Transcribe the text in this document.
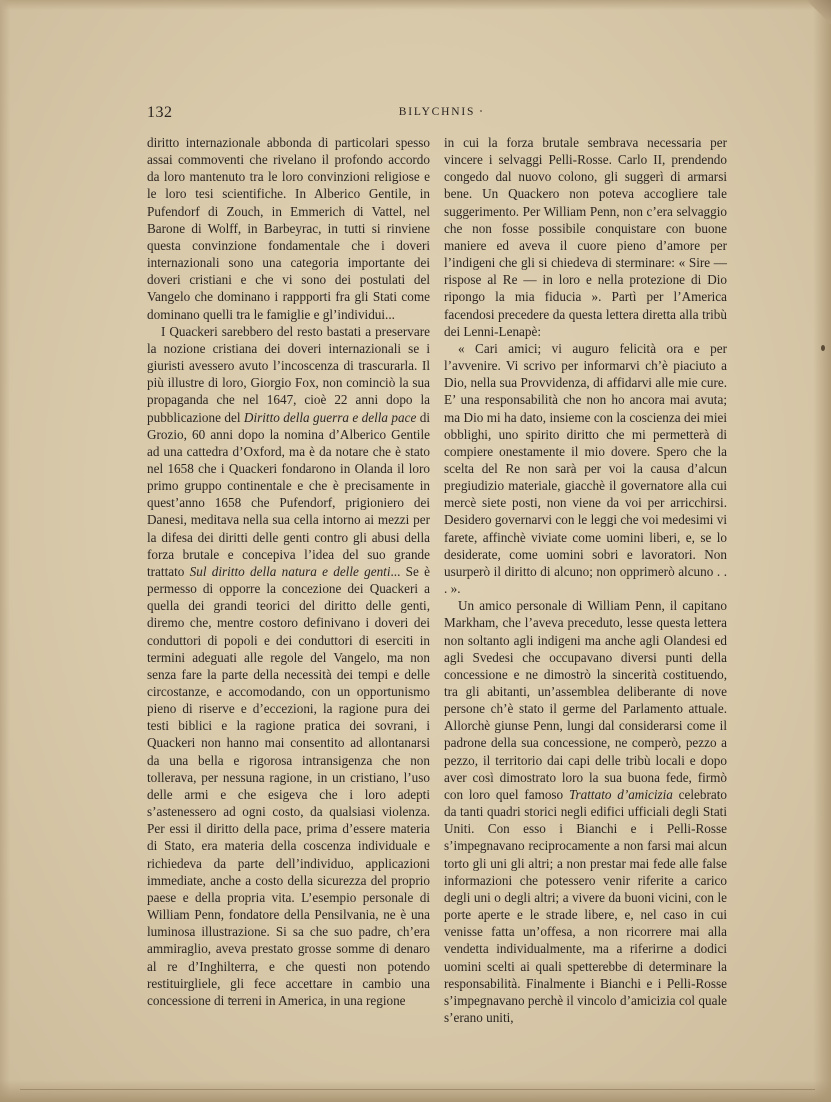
132	BILYCHNIS

diritto internazionale abbonda di particolari spesso assai commoventi che rivelano il profondo accordo da loro mantenuto tra le loro convinzioni religiose e le loro tesi scientifiche. In Alberico Gentile, in Pufendorf di Zouch, in Emmerich di Vattel, nel Barone di Wolff, in Barbeyrac, in tutti si rinviene questa convinzione fondamentale che i doveri internazionali sono una categoria importante dei doveri cristiani e che vi sono dei postulati del Vangelo che dominano i rappporti fra gli Stati come dominano quelli tra le famiglie e gl’individui...

I Quackeri sarebbero del resto bastati a preservare la nozione cristiana dei doveri internazionali se i giuristi avessero avuto l’incoscenza di trascurarla. Il più illustre di loro, Giorgio Fox, non cominciò la sua propaganda che nel 1647, cioè 22 anni dopo la pubblicazione del Diritto della guerra e della pace di Grozio, 60 anni dopo la nomina d’Alberico Gentile ad una cattedra d’Oxford, ma è da notare che è stato nel 1658 che i Quackeri fondarono in Olanda il loro primo gruppo continentale e che è precisamente in quest’anno 1658 che Pufendorf, prigioniero dei Danesi, meditava nella sua cella intorno ai mezzi per la difesa dei diritti delle genti contro gli abusi della forza brutale e concepiva l’idea del suo grande trattato Sul diritto della natura e delle genti... Se è permesso di opporre la concezione dei Quackeri a quella dei grandi teorici del diritto delle genti, diremo che, mentre costoro definivano i doveri dei conduttori di popoli e dei conduttori di eserciti in termini adeguati alle regole del Vangelo, ma non senza fare la parte della necessità dei tempi e delle circostanze, e accomodando, con un opportunismo pieno di riserve e d’eccezioni, la ragione pura dei testi biblici e la ragione pratica dei sovrani, i Quackeri non hanno mai consentito ad allontanarsi da una bella e rigorosa intransigenza che non tollerava, per nessuna ragione, in un cristiano, l’uso delle armi e che esigeva che i loro adepti s’astenessero ad ogni costo, da qualsiasi violenza. Per essi il diritto della pace, prima d’essere materia di Stato, era materia della coscenza individuale e richiedeva da parte dell’individuo, applicazioni immediate, anche a costo della sicurezza del proprio paese e della propria vita. L’esempio personale di William Penn, fondatore della Pensilvania, ne è una luminosa illustrazione. Si sa che suo padre, ch’era ammiraglio, aveva prestato grosse somme di denaro al re d’Inghilterra, e che questi non potendo restituirgliele, gli fece accettare in cambio una concessione di terreni in America, in una regione

in cui la forza brutale sembrava necessaria per vincere i selvaggi Pelli-Rosse. Carlo II, prendendo congedo dal nuovo colono, gli suggerì di armarsi bene. Un Quackero non poteva accogliere tale suggerimento. Per William Penn, non c’era selvaggio che non fosse possibile conquistare con buone maniere ed aveva il cuore pieno d’amore per l’indigeni che gli si chiedeva di sterminare: « Sire — rispose al Re — in loro e nella protezione di Dio ripongo la mia fiducia ». Partì per l’America facendosi precedere da questa lettera diretta alla tribù dei Lenni-Lenapè:

« Cari amici; vi auguro felicità ora e per l’avvenire. Vi scrivo per informarvi ch’è piaciuto a Dio, nella sua Provvidenza, di affidarvi alle mie cure. E’ una responsabilità che non ho ancora mai avuta; ma Dio mi ha dato, insieme con la coscienza dei miei obblighi, uno spirito diritto che mi permetterà di compiere onestamente il mio dovere. Spero che la scelta del Re non sarà per voi la causa d’alcun pregiudizio materiale, giacchè il governatore alla cui mercè siete posti, non viene da voi per arricchirsi. Desidero governarvi con le leggi che voi medesimi vi farete, affinchè viviate come uomini liberi, e, se lo desiderate, come uomini sobri e lavoratori. Non usurperò il diritto di alcuno; non opprimerò alcuno . . . ».

Un amico personale di William Penn, il capitano Markham, che l’aveva preceduto, lesse questa lettera non soltanto agli indigeni ma anche agli Olandesi ed agli Svedesi che occupavano diversi punti della concessione e ne dimostrò la sincerità costituendo, tra gli abitanti, un’assemblea deliberante di nove persone ch’è stato il germe del Parlamento attuale. Allorchè giunse Penn, lungi dal considerarsi come il padrone della sua concessione, ne comperò, pezzo a pezzo, il territorio dai capi delle tribù locali e dopo aver così dimostrato loro la sua buona fede, firmò con loro quel famoso Trattato d’amicizia celebrato da tanti quadri storici negli edifici ufficiali degli Stati Uniti. Con esso i Bianchi e i Pelli-Rosse s’impegnavano reciprocamente a non farsi mai alcun torto gli uni gli altri; a non prestar mai fede alle false informazioni che potessero venir riferite a carico degli uni o degli altri; a vivere da buoni vicini, con le porte aperte e le strade libere, e, nel caso in cui venisse fatta un’offesa, a non ricorrere mai alla vendetta individualmente, ma a riferirne a dodici uomini scelti ai quali spetterebbe di determinare la responsabilità. Finalmente i Bianchi e i Pelli-Rosse s’impegnavano perchè il vincolo d’amicizia col quale s’erano uniti,
